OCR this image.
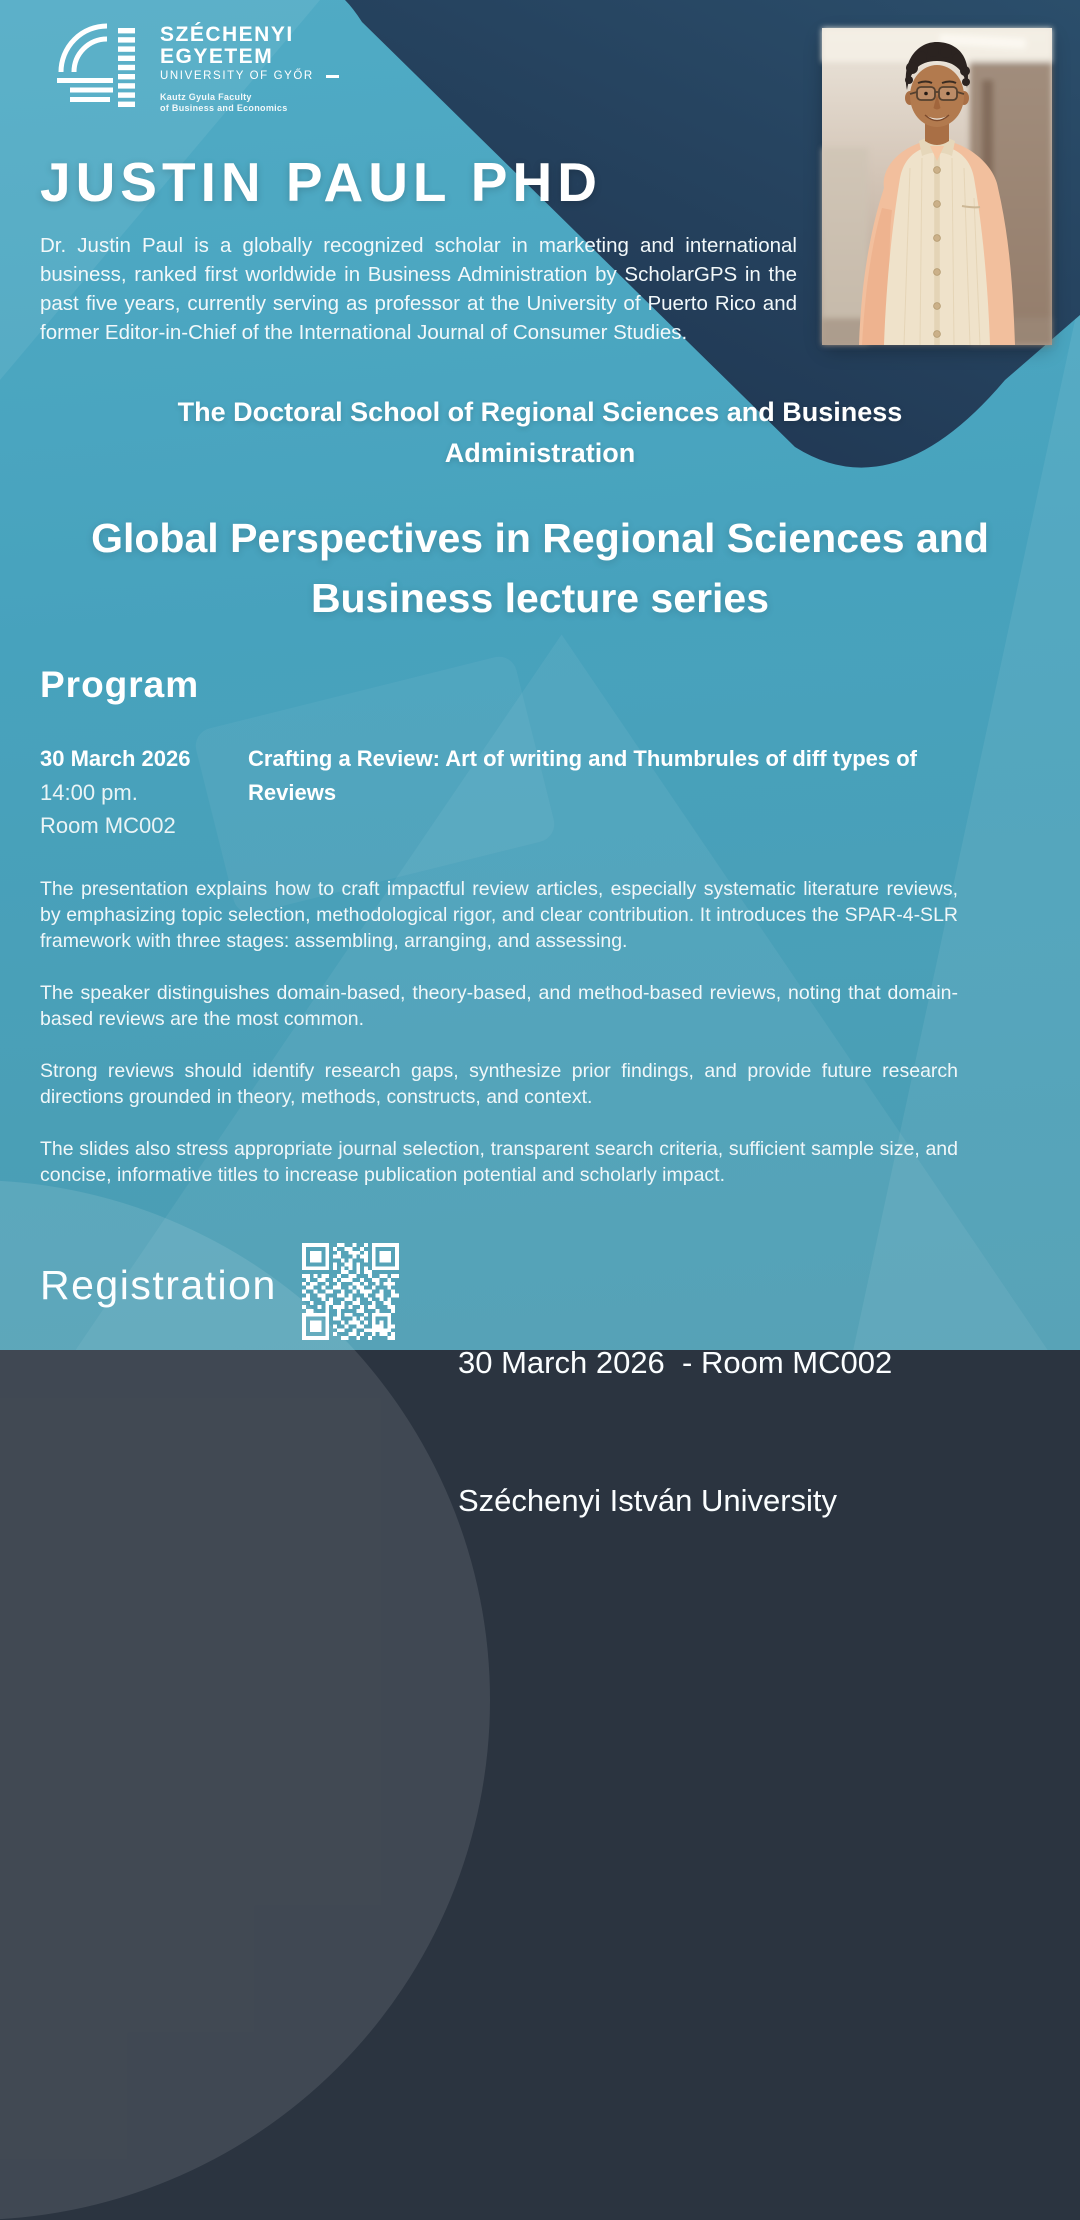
SZÉCHENYI
EGYETEM
UNIVERSITY OF GYŐR
Kautz Gyula Faculty
of Business and Economics
JUSTIN PAUL PHD

Dr. Justin Paul is a globally recognized scholar in marketing and international business, ranked first worldwide in Business Administration by ScholarGPS in the past five years, currently serving as professor at the University of Puerto Rico and former Editor-in-Chief of the International Journal of Consumer Studies.

The Doctoral School of Regional Sciences and Business Administration
Global Perspectives in Regional Sciences and Business lecture series
Program
30 March 2026
14:00 pm.
Room MC002
Crafting a Review: Art of writing and Thumbrules of diff types of Reviews

The presentation explains how to craft impactful review articles, especially systematic literature reviews, by emphasizing topic selection, methodological rigor, and clear contribution. It introduces the SPAR-4-SLR framework with three stages: assembling, arranging, and assessing.

The speaker distinguishes domain-based, theory-based, and method-based reviews, noting that domain-based reviews are the most common.

Strong reviews should identify research gaps, synthesize prior findings, and provide future research directions grounded in theory, methods, constructs, and context.

The slides also stress appropriate journal selection, transparent search criteria, sufficient sample size, and concise, informative titles to increase publication potential and scholarly impact.

Registration

30 March 2026  - Room MC002

Széchenyi István University
